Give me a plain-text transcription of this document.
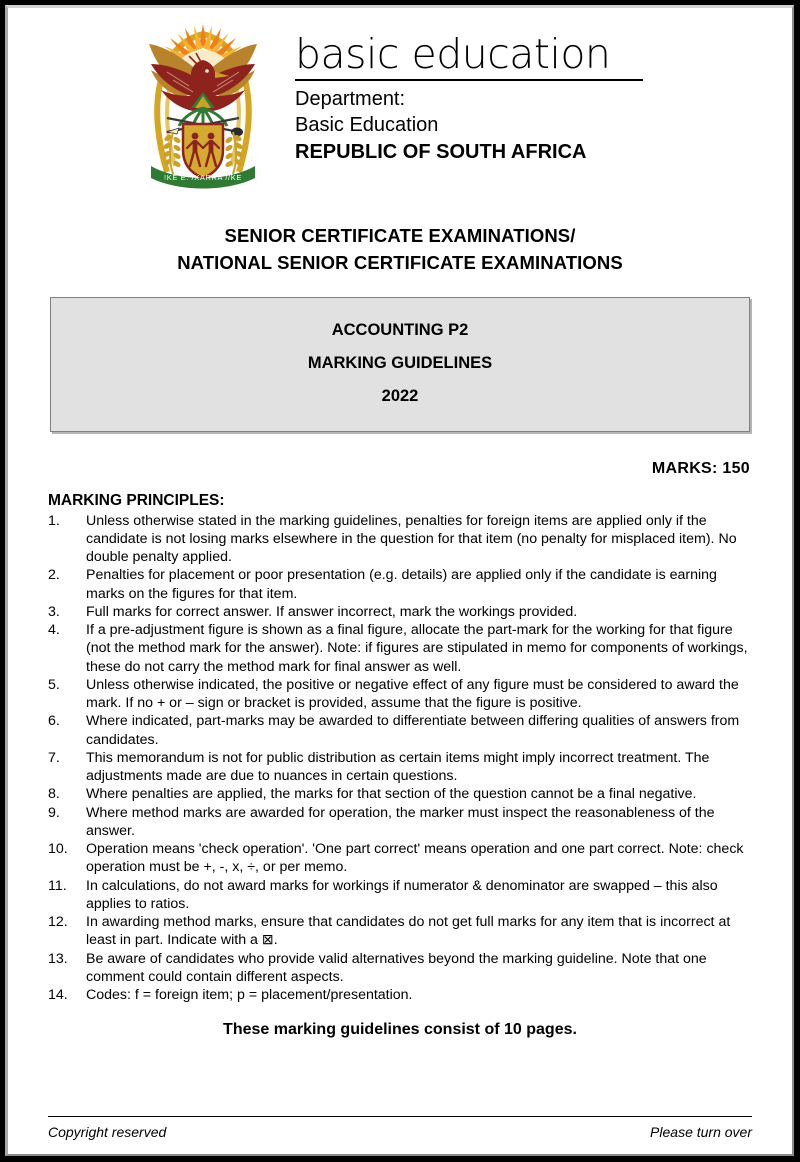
!KE E: /XARRA //KE
basic education
Department:
Basic Education
REPUBLIC OF SOUTH AFRICA
SENIOR CERTIFICATE EXAMINATIONS/
NATIONAL SENIOR CERTIFICATE EXAMINATIONS
ACCOUNTING P2
MARKING GUIDELINES
2022
MARKS: 150
MARKING PRINCIPLES:
1.	Unless otherwise stated in the marking guidelines, penalties for foreign items are applied only if the candidate is not losing marks elsewhere in the question for that item (no penalty for misplaced item). No double penalty applied.
2.	Penalties for placement or poor presentation (e.g. details) are applied only if the candidate is earning marks on the figures for that item.
3.	Full marks for correct answer. If answer incorrect, mark the workings provided.
4.	If a pre-adjustment figure is shown as a final figure, allocate the part-mark for the working for that figure (not the method mark for the answer). Note: if figures are stipulated in memo for components of workings, these do not carry the method mark for final answer as well.
5.	Unless otherwise indicated, the positive or negative effect of any figure must be considered to award the mark. If no + or – sign or bracket is provided, assume that the figure is positive.
6.	Where indicated, part-marks may be awarded to differentiate between differing qualities of answers from candidates.
7.	This memorandum is not for public distribution as certain items might imply incorrect treatment. The adjustments made are due to nuances in certain questions.
8.	Where penalties are applied, the marks for that section of the question cannot be a final negative.
9.	Where method marks are awarded for operation, the marker must inspect the reasonableness of the answer.
10.	Operation means 'check operation'. 'One part correct' means operation and one part correct. Note: check operation must be +, -, x, ÷, or per memo.
11.	In calculations, do not award marks for workings if numerator & denominator are swapped – this also applies to ratios.
12.	In awarding method marks, ensure that candidates do not get full marks for any item that is incorrect at least in part. Indicate with a ⊠.
13.	Be aware of candidates who provide valid alternatives beyond the marking guideline. Note that one comment could contain different aspects.
14.	Codes: f = foreign item; p = placement/presentation.
These marking guidelines consist of 10 pages.
Copyright reserved	Please turn over
